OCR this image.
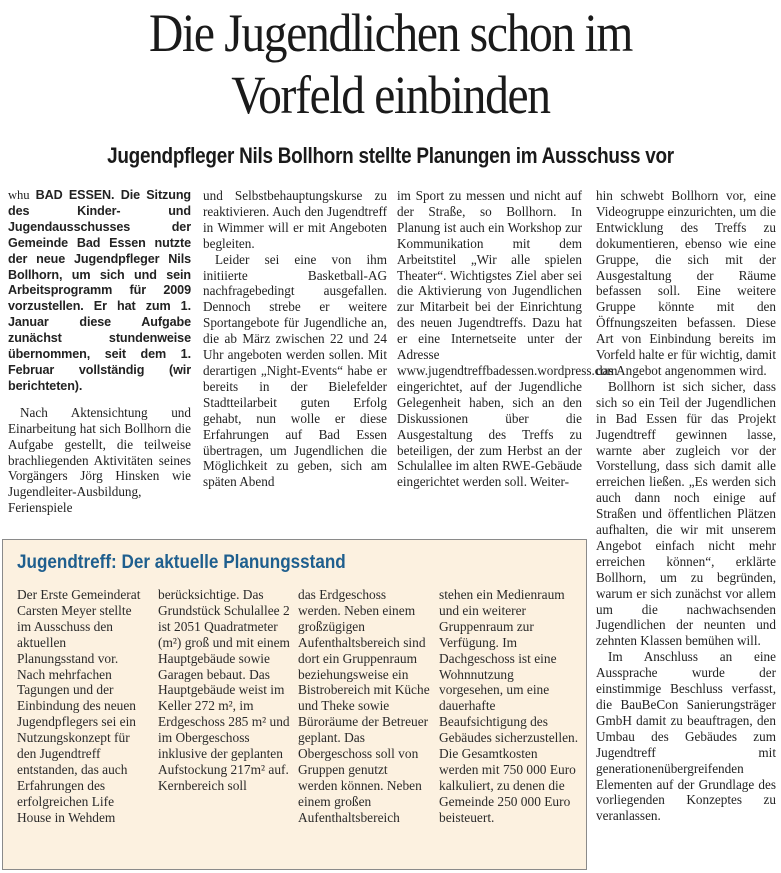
Die Jugendlichen schon im
Vorfeld einbinden
Jugendpfleger Nils Bollhorn stellte Planungen im Ausschuss vor

whu BAD ESSEN. Die Sitzung des Kinder- und Jugendausschusses der Gemeinde Bad Essen nutzte der neue Jugendpfleger Nils Bollhorn, um sich und sein Arbeitsprogramm für 2009 vorzustellen. Er hat zum 1. Januar diese Aufgabe zunächst stundenweise übernommen, seit dem 1. Februar vollständig (wir berichteten).

Nach Aktensichtung und Einarbeitung hat sich Bollhorn die Aufgabe gestellt, die teilweise brachliegenden Aktivitäten seines Vorgängers Jörg Hinsken wie Jugendleiter-Ausbildung, Ferienspiele

und Selbstbehauptungskurse zu reaktivieren. Auch den Jugendtreff in Wimmer will er mit Angeboten begleiten.

Leider sei eine von ihm initiierte Basketball-AG nachfragebedingt ausgefallen. Dennoch strebe er weitere Sportangebote für Jugendliche an, die ab März zwischen 22 und 24 Uhr angeboten werden sollen. Mit derartigen „Night-Events“ habe er bereits in der Bielefelder Stadtteilarbeit guten Erfolg gehabt, nun wolle er diese Erfahrungen auf Bad Essen übertragen, um Jugendlichen die Möglichkeit zu geben, sich am späten Abend

im Sport zu messen und nicht auf der Straße, so Bollhorn. In Planung ist auch ein Workshop zur Kommunikation mit dem Arbeitstitel „Wir alle spielen Theater“. Wichtigstes Ziel aber sei die Aktivierung von Jugendlichen zur Mitarbeit bei der Einrichtung des neuen Jugendtreffs. Dazu hat er eine Internetseite unter der Adresse www.jugendtreffbadessen.wordpress.com eingerichtet, auf der Jugendliche Gelegenheit haben, sich an den Diskussionen über die Ausgestaltung des Treffs zu beteiligen, der zum Herbst an der Schulallee im alten RWE-Gebäude eingerichtet werden soll. Weiter-

hin schwebt Bollhorn vor, eine Videogruppe einzurichten, um die Entwicklung des Treffs zu dokumentieren, ebenso wie eine Gruppe, die sich mit der Ausgestaltung der Räume befassen soll. Eine weitere Gruppe könnte mit den Öffnungszeiten befassen. Diese Art von Einbindung bereits im Vorfeld halte er für wichtig, damit das Angebot angenommen wird.

Bollhorn ist sich sicher, dass sich so ein Teil der Jugendlichen in Bad Essen für das Projekt Jugendtreff gewinnen lasse, warnte aber zugleich vor der Vorstellung, dass sich damit alle erreichen ließen. „Es werden sich auch dann noch einige auf Straßen und öffentlichen Plätzen aufhalten, die wir mit unserem Angebot einfach nicht mehr erreichen können“, erklärte Bollhorn, um zu begründen, warum er sich zunächst vor allem um die nachwachsenden Jugendlichen der neunten und zehnten Klassen bemühen will.

Im Anschluss an eine Aussprache wurde der einstimmige Beschluss verfasst, die BauBeCon Sanierungsträger GmbH damit zu beauftragen, den Umbau des Gebäudes zum Jugendtreff mit generationenübergreifenden Elementen auf der Grundlage des vorliegenden Konzeptes zu veranlassen.

Jugendtreff: Der aktuelle Planungsstand

Der Erste Gemeinderat Carsten Meyer stellte im Ausschuss den aktuellen Planungsstand vor. Nach mehrfachen Tagungen und der Einbindung des neuen Jugendpflegers sei ein Nutzungskonzept für den Jugendtreff entstanden, das auch Erfahrungen des erfolgreichen Life House in Wehdem

berücksichtige. Das Grundstück Schulallee 2 ist 2051 Quadratmeter (m²) groß und mit einem Hauptgebäude sowie Garagen bebaut. Das Hauptgebäude weist im Keller 272 m², im Erdgeschoss 285 m² und im Obergeschoss inklusive der geplanten Aufstockung 217m² auf. Kernbereich soll

das Erdgeschoss werden. Neben einem großzügigen Aufenthaltsbereich sind dort ein Gruppenraum beziehungsweise ein Bistrobereich mit Küche und Theke sowie Büroräume der Betreuer geplant. Das Obergeschoss soll von Gruppen genutzt werden können. Neben einem großen Aufenthaltsbereich

stehen ein Medienraum und ein weiterer Gruppenraum zur Verfügung. Im Dachgeschoss ist eine Wohnnutzung vorgesehen, um eine dauerhafte Beaufsichtigung des Gebäudes sicherzustellen. Die Gesamtkosten werden mit 750 000 Euro kalkuliert, zu denen die Gemeinde 250 000 Euro beisteuert.
